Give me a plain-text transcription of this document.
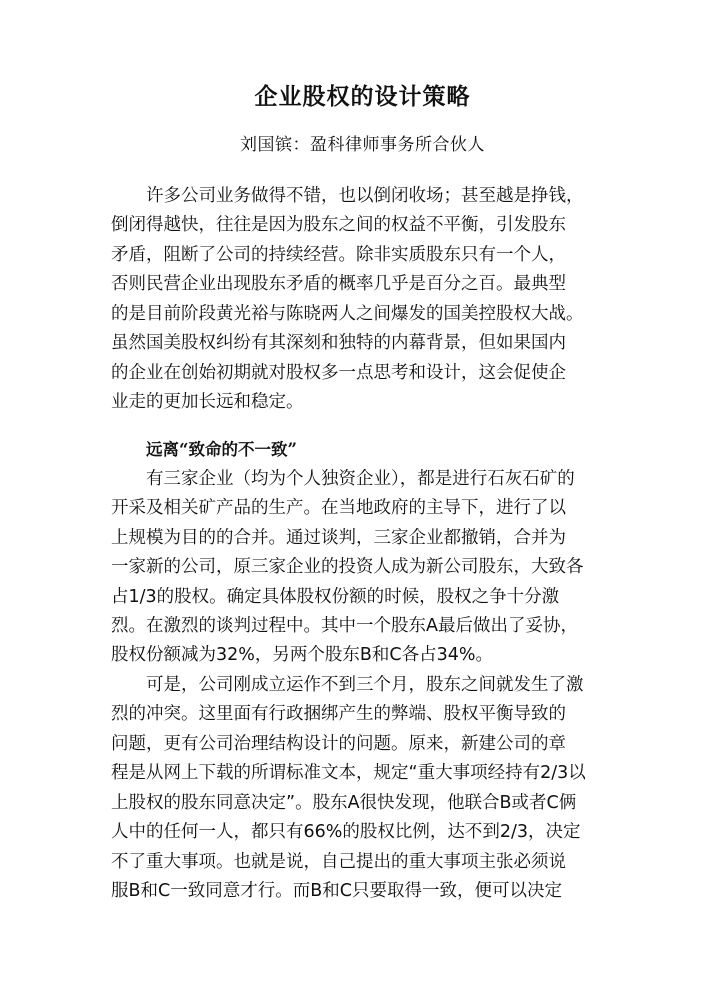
企业股权的设计策略
刘国镔：盈科律师事务所合伙人
许多公司业务做得不错，也以倒闭收场；甚至越是挣钱，
倒闭得越快，往往是因为股东之间的权益不平衡，引发股东
矛盾，阻断了公司的持续经营。除非实质股东只有一个人，
否则民营企业出现股东矛盾的概率几乎是百分之百。最典型
的是目前阶段黄光裕与陈晓两人之间爆发的国美控股权大战。
虽然国美股权纠纷有其深刻和独特的内幕背景，但如果国内
的企业在创始初期就对股权多一点思考和设计，这会促使企
业走的更加长远和稳定。
远离“致命的不一致”
有三家企业（均为个人独资企业），都是进行石灰石矿的
开采及相关矿产品的生产。在当地政府的主导下，进行了以
上规模为目的的合并。通过谈判，三家企业都撤销，合并为
一家新的公司，原三家企业的投资人成为新公司股东，大致各
占1/3的股权。确定具体股权份额的时候，股权之争十分激
烈。在激烈的谈判过程中。其中一个股东A最后做出了妥协，
股权份额减为32%，另两个股东B和C各占34%。
可是，公司刚成立运作不到三个月，股东之间就发生了激
烈的冲突。这里面有行政捆绑产生的弊端、股权平衡导致的
问题，更有公司治理结构设计的问题。原来，新建公司的章
程是从网上下载的所谓标准文本，规定“重大事项经持有2/3以
上股权的股东同意决定”。股东A很快发现，他联合B或者C俩
人中的任何一人，都只有66%的股权比例，达不到2/3，决定
不了重大事项。也就是说，自己提出的重大事项主张必须说
服B和C一致同意才行。而B和C只要取得一致，便可以决定
